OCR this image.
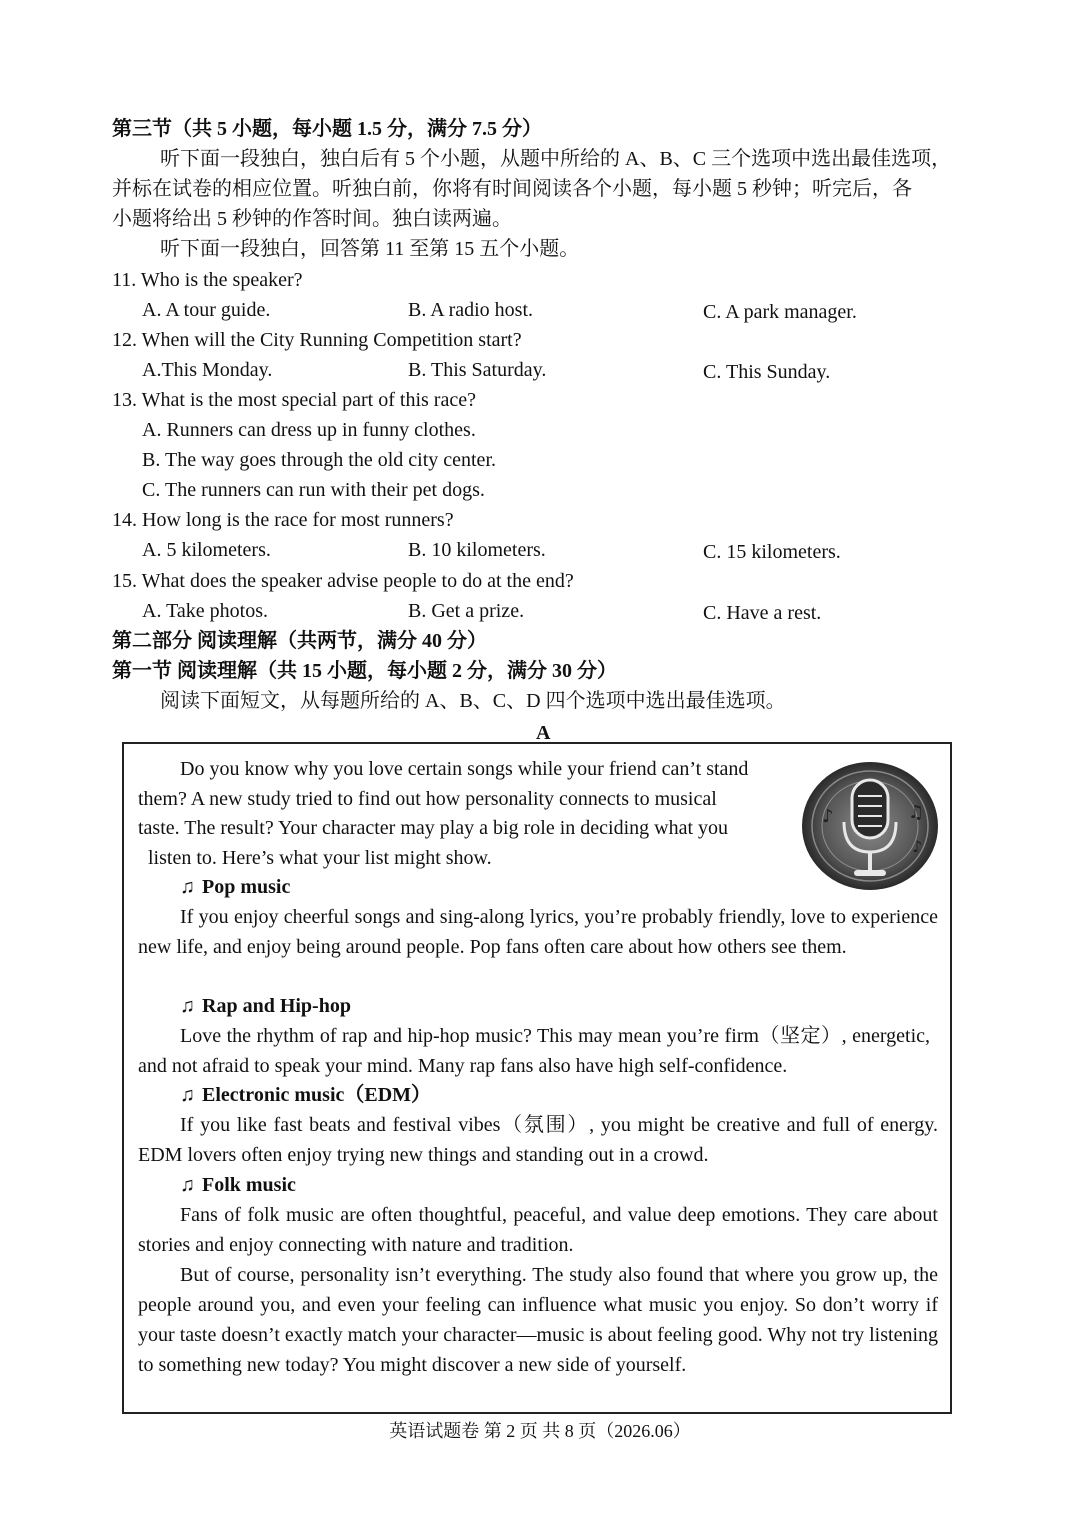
第三节（共 5 小题，每小题 1.5 分，满分 7.5 分）
听下面一段独白，独白后有 5 个小题，从题中所给的 A、B、C 三个选项中选出最佳选项，
并标在试卷的相应位置。听独白前，你将有时间阅读各个小题，每小题 5 秒钟；听完后，各
小题将给出 5 秒钟的作答时间。独白读两遍。
听下面一段独白，回答第 11 至第 15 五个小题。
11. Who is the speaker?
A. A tour guide.	B. A radio host.	C. A park manager.
12. When will the City Running Competition start?
A.This Monday.	B. This Saturday.	C. This Sunday.
13. What is the most special part of this race?
A. Runners can dress up in funny clothes.
B. The way goes through the old city center.
C. The runners can run with their pet dogs.
14. How long is the race for most runners?
A. 5 kilometers.	B. 10 kilometers.	C. 15 kilometers.
15. What does the speaker advise people to do at the end?
A. Take photos.	B. Get a prize.	C. Have a rest.
第二部分 阅读理解（共两节，满分 40 分）
第一节 阅读理解（共 15 小题，每小题 2 分，满分 30 分）
阅读下面短文，从每题所给的 A、B、C、D 四个选项中选出最佳选项。
A
Do you know why you love certain songs while your friend can’t stand
them? A new study tried to find out how personality connects to musical
taste. The result? Your character may play a big role in deciding what you
listen to. Here’s what your list might show.
♪	♫
♪
♫ Pop music
If you enjoy cheerful songs and sing-along lyrics, you’re probably friendly, love to experience new life, and enjoy being around people. Pop fans often care about how others see them.
♫ Rap and Hip-hop
Love the rhythm of rap and hip-hop music? This may mean you’re firm（坚定）, energetic, and not afraid to speak your mind. Many rap fans also have high self-confidence.
♫ Electronic music（EDM）
If you like fast beats and festival vibes（氛围）, you might be creative and full of energy. EDM lovers often enjoy trying new things and standing out in a crowd.
♫ Folk music
Fans of folk music are often thoughtful, peaceful, and value deep emotions. They care about stories and enjoy connecting with nature and tradition.
But of course, personality isn’t everything. The study also found that where you grow up, the people around you, and even your feeling can influence what music you enjoy. So don’t worry if your taste doesn’t exactly match your character—music is about feeling good. Why not try listening to something new today? You might discover a new side of yourself.
英语试题卷 第 2 页 共 8 页（2026.06）
